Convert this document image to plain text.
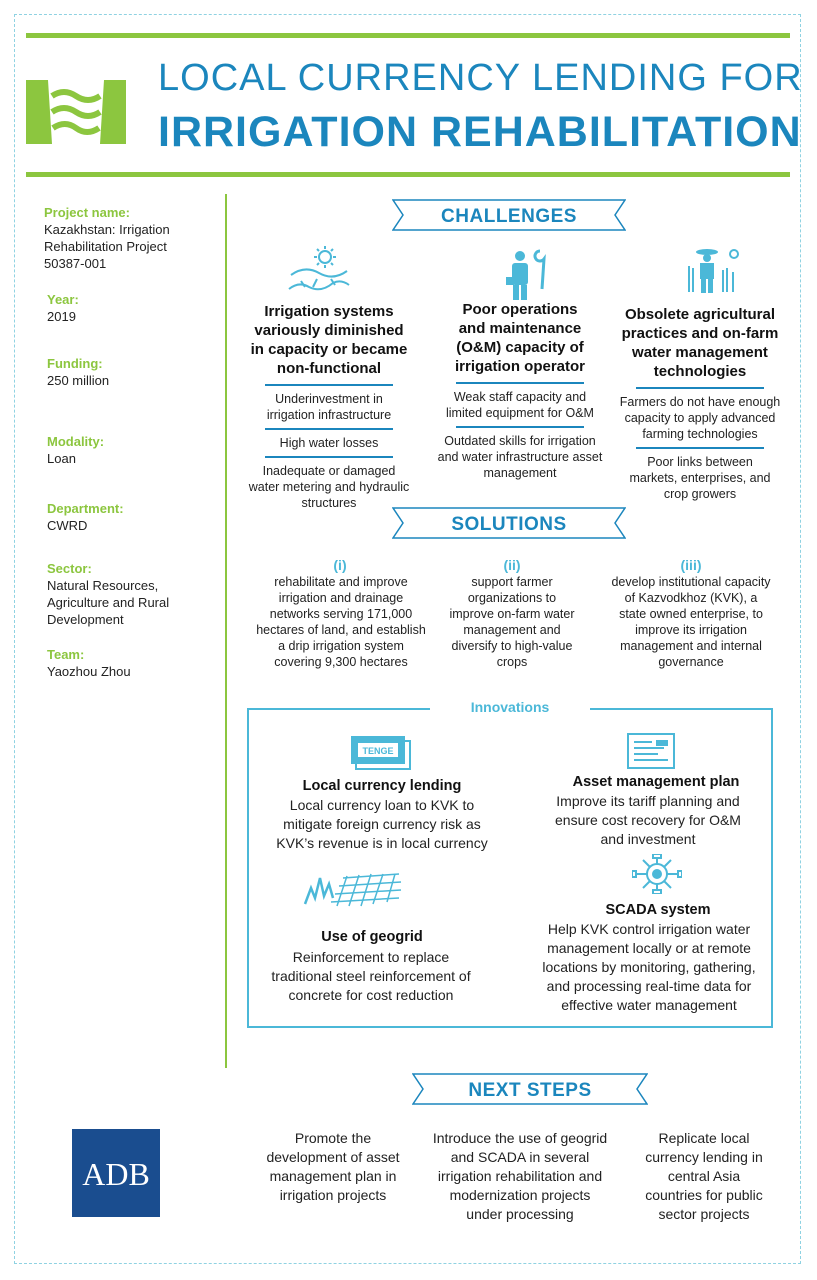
LOCAL CURRENCY LENDING FOR
IRRIGATION REHABILITATION
Project name:
Kazakhstan: Irrigation
Rehabilitation Project
50387-001
Year:
2019
Funding:
250 million
Modality:
Loan
Department:
CWRD
Sector:
Natural Resources,
Agriculture and Rural
Development
Team:
Yaozhou Zhou
CHALLENGES
Irrigation systems
variously diminished
in capacity or became
non-functional
Underinvestment in
irrigation infrastructure
High water losses
Inadequate or damaged
water metering and hydraulic
structures
Poor operations
and maintenance
(O&M) capacity of
irrigation operator
Weak staff capacity and
limited equipment for O&M
Outdated skills for irrigation
and water infrastructure asset
management
Obsolete agricultural
practices and on-farm
water management
technologies
Farmers do not have enough
capacity to apply advanced
farming technologies
Poor links between
markets, enterprises, and
crop growers
SOLUTIONS
(i)
rehabilitate and improve
irrigation and drainage
networks serving 171,000
hectares of land, and establish
a drip irrigation system
covering 9,300 hectares
(ii)
support farmer
organizations to
improve on-farm water
management and
diversify to high-value
crops
(iii)
develop institutional capacity
of Kazvodkhoz (KVK), a
state owned enterprise, to
improve its irrigation
management and internal
governance
Innovations
TENGE
Local currency lending
Local currency loan to KVK to
mitigate foreign currency risk as
KVK’s revenue is in local currency
Asset management plan
Improve its tariff planning and
ensure cost recovery for O&M
and investment
Use of geogrid
Reinforcement to replace
traditional steel reinforcement of
concrete for cost reduction
SCADA system
Help KVK control irrigation water
management locally or at remote
locations by monitoring, gathering,
and processing real-time data for
effective water management
NEXT STEPS
Promote the
development of asset
management plan in
irrigation projects
Introduce the use of geogrid
and SCADA in several
irrigation rehabilitation and
modernization projects
under processing
Replicate local
currency lending in
central Asia
countries for public
sector projects
ADB
